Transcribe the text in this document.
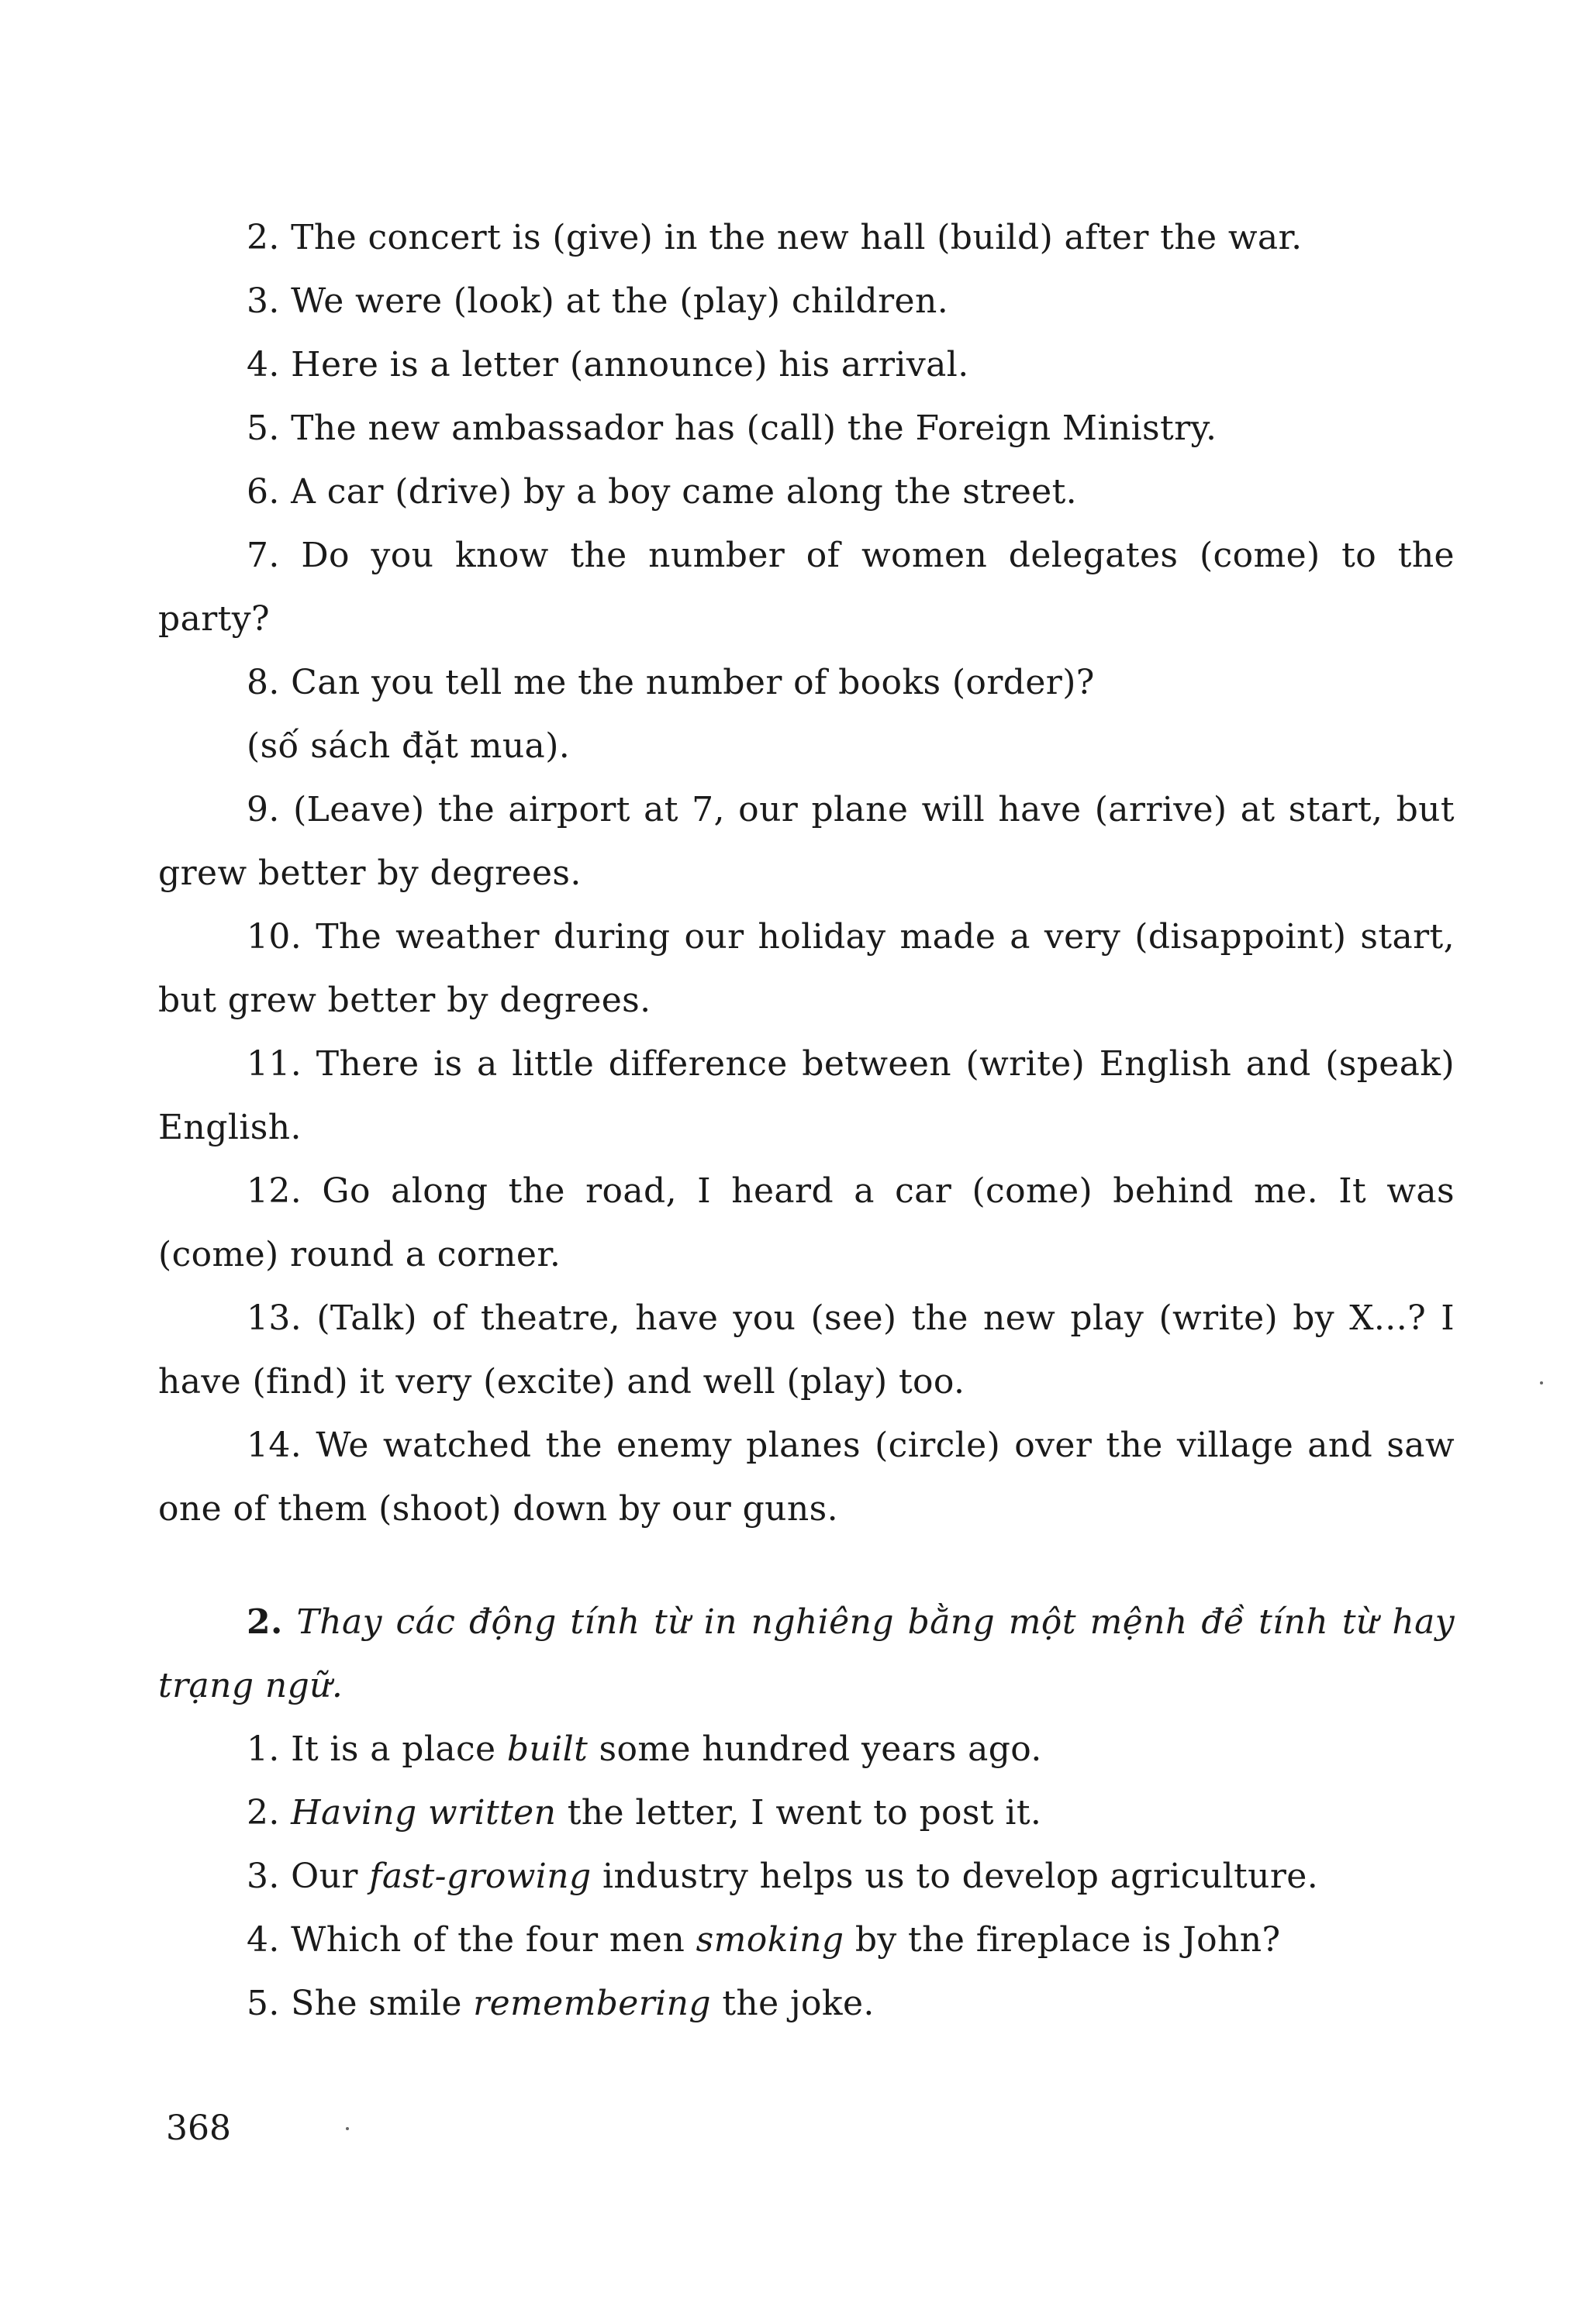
2. The concert is (give) in the new hall (build) after the war.

3. We were (look) at the (play) children.

4. Here is a letter (announce) his arrival.

5. The new ambassador has (call) the Foreign Ministry.

6. A car (drive) by a boy came along the street.

7. Do you know the number of women delegates (come) to the party?

8. Can you tell me the number of books (order)?

(số sách đặt mua).

9. (Leave) the airport at 7, our plane will have (arrive) at start, but grew better by degrees.

10. The weather during our holiday made a very (disappoint) start, but grew better by degrees.

11. There is a little difference between (write) English and (speak) English.

12. Go along the road, I heard a car (come) behind me. It was (come) round a corner.

13. (Talk) of theatre, have you (see) the new play (write) by X...? I have (find) it very (excite) and well (play) too.

14. We watched the enemy planes (circle) over the village and saw one of them (shoot) down by our guns.

2. Thay các động tính từ in nghiêng bằng một mệnh đề tính từ hay trạng ngữ.

1. It is a place built some hundred years ago.

2. Having written the letter, I went to post it.

3. Our fast-growing industry helps us to develop agriculture.

4. Which of the four men smoking by the fireplace is John?

5. She smile remembering the joke.

368
